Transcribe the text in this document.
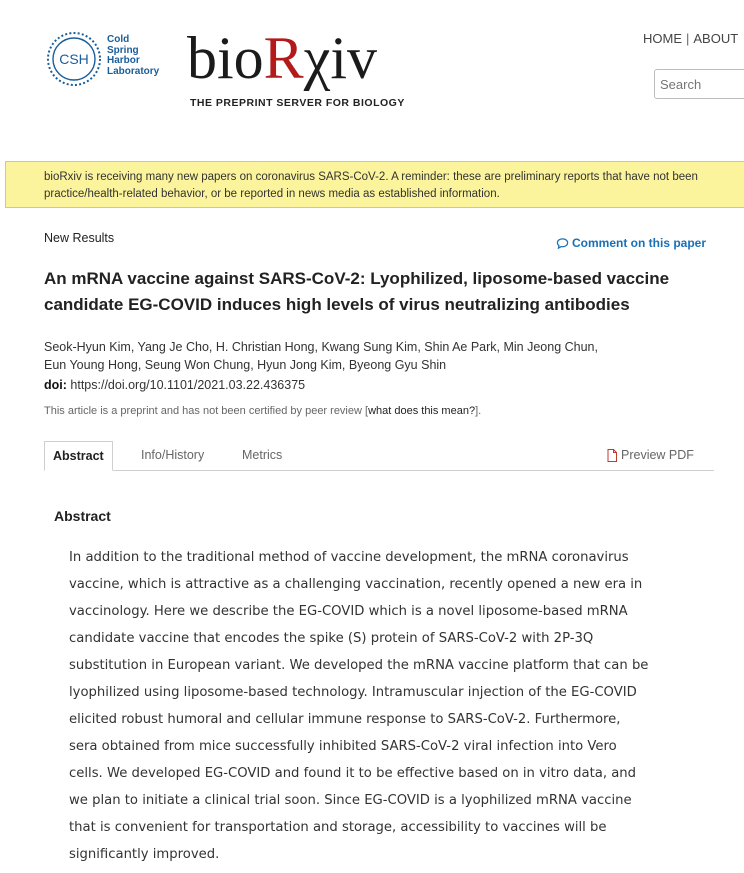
CSH
Cold
Spring
Harbor
Laboratory bioRχiv
THE PREPRINT SERVER FOR BIOLOGY
HOME | ABOUT
Search
bioRxiv is receiving many new papers on coronavirus SARS-CoV-2. A reminder: these are preliminary reports that have not been
practice/health-related behavior, or be reported in news media as established information.
New Results	Comment on this paper
An mRNA vaccine against SARS-CoV-2: Lyophilized, liposome-based vaccine
candidate EG-COVID induces high levels of virus neutralizing antibodies
Seok-Hyun Kim, Yang Je Cho, H. Christian Hong, Kwang Sung Kim, Shin Ae Park, Min Jeong Chun,
Eun Young Hong, Seung Won Chung, Hyun Jong Kim, Byeong Gyu Shin
doi: https://doi.org/10.1101/2021.03.22.436375
This article is a preprint and has not been certified by peer review [what does this mean?].
Abstract	Info/History	Metrics	Preview PDF
Abstract
In addition to the traditional method of vaccine development, the mRNA coronavirus
vaccine, which is attractive as a challenging vaccination, recently opened a new era in
vaccinology. Here we describe the EG-COVID which is a novel liposome-based mRNA
candidate vaccine that encodes the spike (S) protein of SARS-CoV-2 with 2P-3Q
substitution in European variant. We developed the mRNA vaccine platform that can be
lyophilized using liposome-based technology. Intramuscular injection of the EG-COVID
elicited robust humoral and cellular immune response to SARS-CoV-2. Furthermore,
sera obtained from mice successfully inhibited SARS-CoV-2 viral infection into Vero
cells. We developed EG-COVID and found it to be effective based on in vitro data, and
we plan to initiate a clinical trial soon. Since EG-COVID is a lyophilized mRNA vaccine
that is convenient for transportation and storage, accessibility to vaccines will be
significantly improved.
